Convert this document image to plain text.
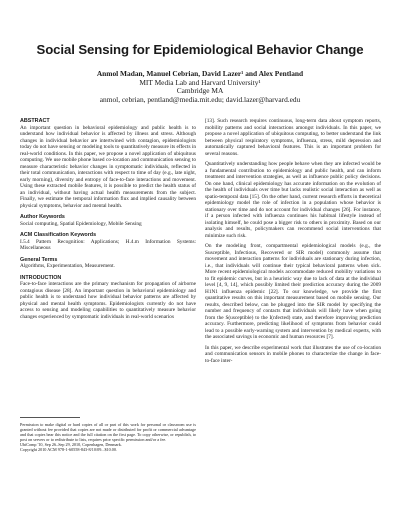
Social Sensing for Epidemiological Behavior Change
Anmol Madan, Manuel Cebrian, David Lazer¹ and Alex Pentland
MIT Media Lab and Harvard University¹
Cambridge MA
anmol, cebrian, pentland@media.mit.edu; david.lazer@harvard.edu
ABSTRACT

An important question in behavioral epidemiology and public health is to understand how individual behavior is affected by illness and stress. Although changes in individual behavior are intertwined with contagion, epidemiologists today do not have sensing or modeling tools to quantitatively measure its effects in real-world conditions. In this paper, we propose a novel application of ubiquitous computing. We use mobile phone based co-location and communication sensing to measure characteristic behavior changes in symptomatic individuals, reflected in their total communication, interactions with respect to time of day (e.g., late night, early morning), diversity and entropy of face-to-face interactions and movement. Using these extracted mobile features, it is possible to predict the health status of an individual, without having actual health measurements from the subject. Finally, we estimate the temporal information flux and implied causality between physical symptoms, behavior and mental health.

Author Keywords

Social computing, Spatial Epidemiology, Mobile Sensing

ACM Classification Keywords

I.5.4 Pattern Recognition: Applications; H.4.m Information Systems: Miscellaneous

General Terms

Algorithms, Experimentation, Measurement.

INTRODUCTION

Face-to-face interactions are the primary mechanism for propagation of airborne contagious disease [28]. An important question in behavioral epidemiology and public health is to understand how individual behavior patterns are affected by physical and mental health symptoms. Epidemiologists currently do not have access to sensing and modeling capabilities to quantitatively measure behavior changes experienced by symptomatic individuals in real-world scenarios

Permission to make digital or hard copies of all or part of this work for personal or classroom use is granted without fee provided that copies are not made or distributed for profit or commercial advantage and that copies bear this notice and the full citation on the first page. To copy otherwise, or republish, to post on servers or to redistribute to lists, requires prior specific permission and/or a fee.
UbiComp '10, Sep 26–Sep 29, 2010, Copenhagen, Denmark.
Copyright 2010 ACM 978-1-60558-843-8/10/09...$10.00.

[13]. Such research requires continuous, long-term data about symptom reports, mobility patterns and social interactions amongst individuals. In this paper, we propose a novel application of ubiquitous computing, to better understand the link between physical respiratory symptoms, influenza, stress, mild depression and automatically captured behavioral features. This is an important problem for several reasons.

Quantitatively understanding how people behave when they are infected would be a fundamental contribution to epidemiology and public health, and can inform treatment and intervention strategies, as well as influence public policy decisions. On one hand, clinical epidemiology has accurate information on the evolution of the health of individuals over time but lacks realistic social interaction as well as spatio-temporal data [15]. On the other hand, current research efforts in theoretical epidemiology model the role of infection in a population whose behavior is stationary over time and do not account for individual changes [26]. For instance, if a person infected with influenza continues his habitual lifestyle instead of isolating himself, he could pose a bigger risk to others in proximity. Based on our analysis and results, policymakers can recommend social interventions that minimize such risk.

On the modeling front, compartmental epidemiological models (e.g., the Susceptible, Infectious, Recovered or SIR model) commonly assume that movement and interaction patterns for individuals are stationary during infection, i.e., that individuals will continue their typical behavioral patterns when sick. More recent epidemiological models accommodate reduced mobility variations to to fit epidemic curves, but in a heuristic way due to lack of data at the individual level [4, 9, 14], which possibly limited their prediction accuracy during the 2009 H1N1 influenza epidemic [22]. To our knowledge, we provide the first quantitative results on this important measurement based on mobile sensing. Our results, described below, can be plugged into the SIR model by specifying the number and frequency of contacts that individuals will likely have when going from the S(usceptible) to the I(nfected) state, and therefore improving prediction accuracy. Furthermore, predicting likelihood of symptoms from behavior could lead to a possible early-warning system and intervention by medical experts, with the associated savings in economic and human resources [7].

In this paper, we describe experimental work that illustrates the use of co-location and communication sensors in mobile phones to characterize the change in face-to-face inter-
